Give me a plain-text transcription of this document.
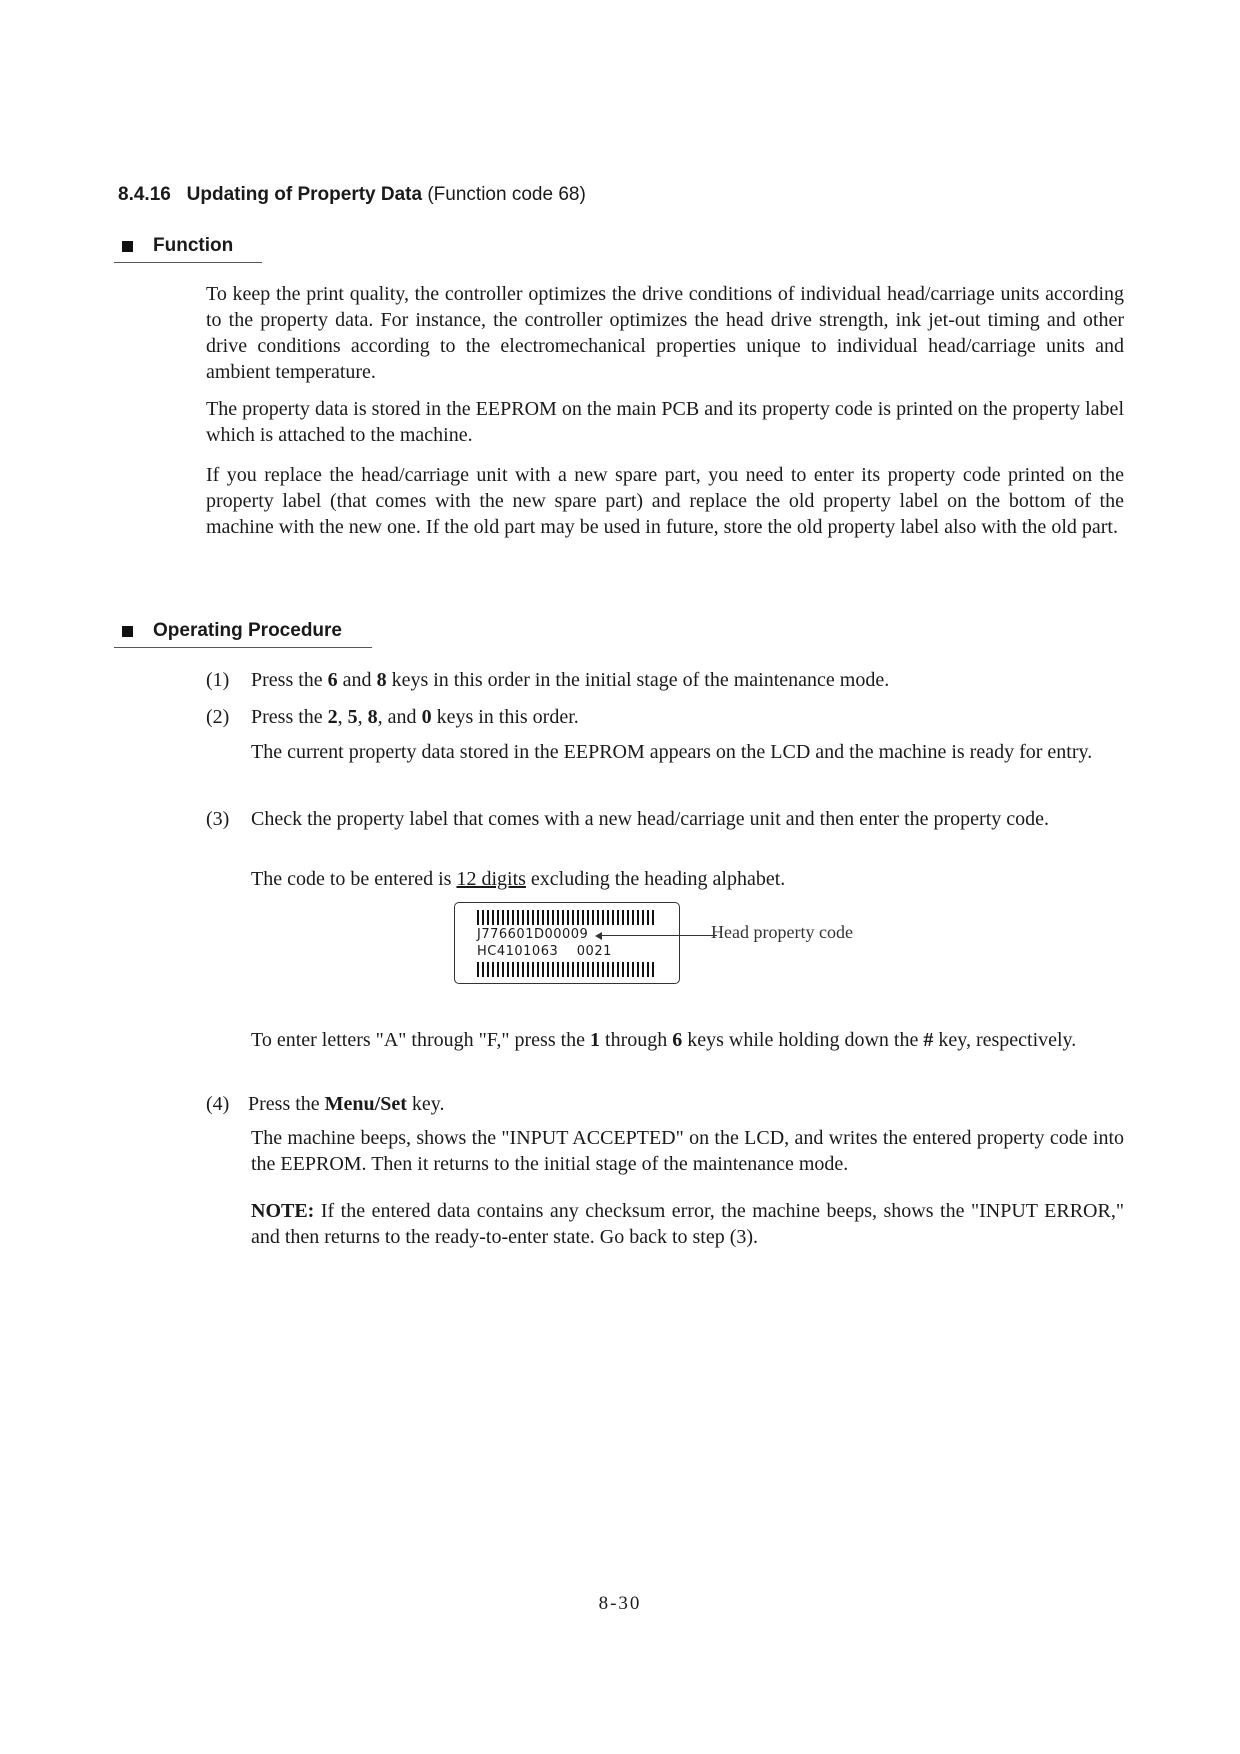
8.4.16 Updating of Property Data (Function code 68)
Function

To keep the print quality, the controller optimizes the drive conditions of individual head/carriage units according to the property data. For instance, the controller optimizes the head drive strength, ink jet-out timing and other drive conditions according to the electromechanical properties unique to individual head/carriage units and ambient temperature.

The property data is stored in the EEPROM on the main PCB and its property code is printed on the property label which is attached to the machine.

If you replace the head/carriage unit with a new spare part, you need to enter its property code printed on the property label (that comes with the new spare part) and replace the old property label on the bottom of the machine with the new one. If the old part may be used in future, store the old property label also with the old part.

Operating Procedure
(1) Press the 6 and 8 keys in this order in the initial stage of the maintenance mode.
(2) Press the 2, 5, 8, and 0 keys in this order.

The current property data stored in the EEPROM appears on the LCD and the machine is ready for entry.

(3) Check the property label that comes with a new head/carriage unit and then enter the property code.

The code to be entered is 12 digits excluding the heading alphabet.

J776601D00009
HC4101063    0021
Head property code

To enter letters "A" through "F," press the 1 through 6 keys while holding down the # key, respectively.

(4) Press the Menu/Set key.

The machine beeps, shows the "INPUT ACCEPTED" on the LCD, and writes the entered property code into the EEPROM. Then it returns to the initial stage of the maintenance mode.

NOTE: If the entered data contains any checksum error, the machine beeps, shows the "INPUT ERROR," and then returns to the ready-to-enter state. Go back to step (3).

8-30
